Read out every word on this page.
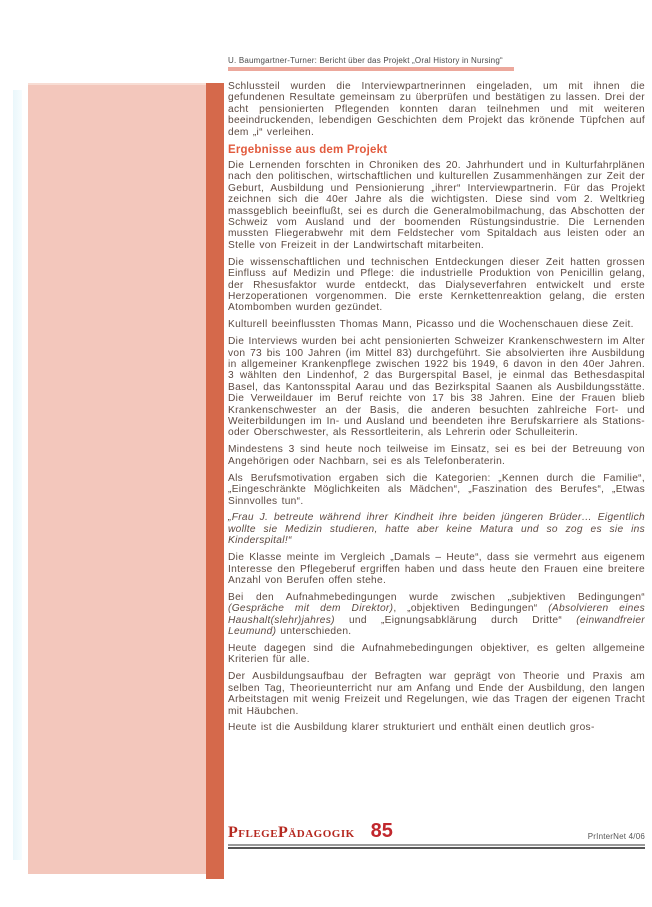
U. Baumgartner-Turner: Bericht über das Projekt „Oral History in Nursing“

Schlussteil wurden die Interviewpartnerinnen eingeladen, um mit ihnen die gefundenen Resultate gemeinsam zu überprüfen und bestätigen zu lassen. Drei der acht pensionierten Pflegenden konnten daran teilnehmen und mit weiteren beeindruckenden, lebendigen Geschichten dem Projekt das krönende Tüpfchen auf dem „i“ verleihen.

Ergebnisse aus dem Projekt

Die Lernenden forschten in Chroniken des 20. Jahrhundert und in Kulturfahrplänen nach den politischen, wirtschaftlichen und kulturellen Zusammenhängen zur Zeit der Geburt, Ausbildung und Pensionierung „ihrer“ Interviewpartnerin. Für das Projekt zeichnen sich die 40er Jahre als die wichtigsten. Diese sind vom 2. Weltkrieg massgeblich beeinflußt, sei es durch die Generalmobilmachung, das Abschotten der Schweiz vom Ausland und der boomenden Rüstungsindustrie. Die Lernenden mussten Fliegerabwehr mit dem Feldstecher vom Spitaldach aus leisten oder an Stelle von Freizeit in der Landwirtschaft mitarbeiten.

Die wissenschaftlichen und technischen Entdeckungen dieser Zeit hatten grossen Einfluss auf Medizin und Pflege: die industrielle Produktion von Penicillin gelang, der Rhesusfaktor wurde entdeckt, das Dialyseverfahren entwickelt und erste Herzoperationen vorgenommen. Die erste Kernkettenreaktion gelang, die ersten Atombomben wurden gezündet.

Kulturell beeinflussten Thomas Mann, Picasso und die Wochenschauen diese Zeit.

Die Interviews wurden bei acht pensionierten Schweizer Krankenschwestern im Alter von 73 bis 100 Jahren (im Mittel 83) durchgeführt. Sie absolvierten ihre Ausbildung in allgemeiner Krankenpflege zwischen 1922 bis 1949, 6 davon in den 40er Jahren. 3 wählten den Lindenhof, 2 das Burgerspital Basel, je einmal das Bethesdaspital Basel, das Kantonsspital Aarau und das Bezirkspital Saanen als Ausbildungsstätte. Die Verweildauer im Beruf reichte von 17 bis 38 Jahren. Eine der Frauen blieb Krankenschwester an der Basis, die anderen besuchten zahlreiche Fort- und Weiterbildungen im In- und Ausland und beendeten ihre Berufskarriere als Stations- oder Oberschwester, als Ressortleiterin, als Lehrerin oder Schulleiterin.

Mindestens 3 sind heute noch teilweise im Einsatz, sei es bei der Betreuung von Angehörigen oder Nachbarn, sei es als Telefonberaterin.

Als Berufsmotivation ergaben sich die Kategorien: „Kennen durch die Familie“, „Eingeschränkte Möglichkeiten als Mädchen“, „Faszination des Berufes“, „Etwas Sinnvolles tun“.

„Frau J. betreute während ihrer Kindheit ihre beiden jüngeren Brüder… Eigentlich wollte sie Medizin studieren, hatte aber keine Matura und so zog es sie ins Kinderspital!“

Die Klasse meinte im Vergleich „Damals – Heute“, dass sie vermehrt aus eigenem Interesse den Pflegeberuf ergriffen haben und dass heute den Frauen eine breitere Anzahl von Berufen offen stehe.

Bei den Aufnahmebedingungen wurde zwischen „subjektiven Bedingungen“ (Gespräche mit dem Direktor), „objektiven Bedingungen“ (Absolvieren eines Haushalt(slehr)jahres) und „Eignungsabklärung durch Dritte“ (einwandfreier Leumund) unterschieden.

Heute dagegen sind die Aufnahmebedingungen objektiver, es gelten allgemeine Kriterien für alle.

Der Ausbildungsaufbau der Befragten war geprägt von Theorie und Praxis am selben Tag, Theorieunterricht nur am Anfang und Ende der Ausbildung, den langen Arbeitstagen mit wenig Freizeit und Regelungen, wie das Tragen der eigenen Tracht mit Häubchen.

Heute ist die Ausbildung klarer strukturiert und enthält einen deutlich gros-

PflegePädagogik 85	PrInterNet 4/06
